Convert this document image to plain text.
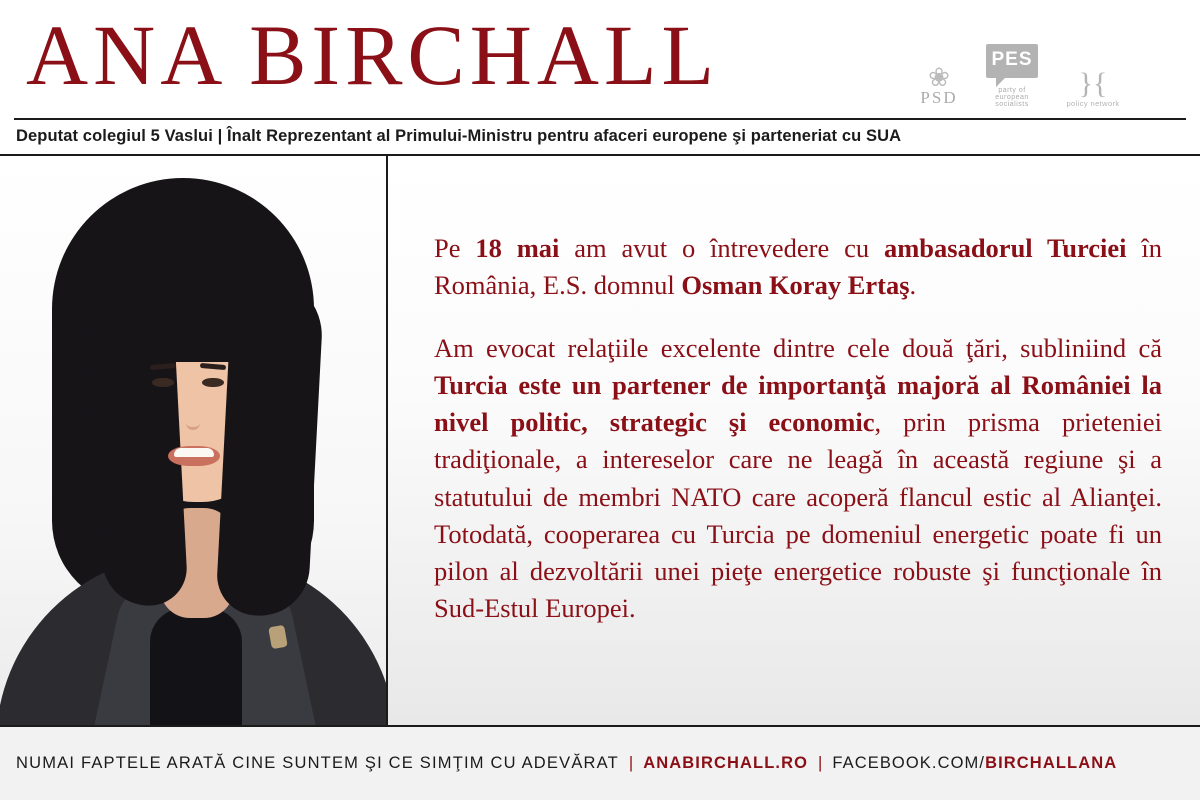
ANA BIRCHALL	❀
PSD
PES
party of european socialists
}{
policy network
Deputat colegiul 5 Vaslui | Înalt Reprezentant al Primului-Ministru pentru afaceri europene şi parteneriat cu SUA

Pe 18 mai am avut o întrevedere cu ambasadorul Turciei în România, E.S. domnul Osman Koray Ertaş.

Am evocat relaţiile excelente dintre cele două ţări, subliniind că Turcia este un partener de importanţă majoră al României la nivel politic, strategic şi economic, prin prisma prieteniei tradiţionale, a intereselor care ne leagă în această regiune şi a statutului de membri NATO care acoperă flancul estic al Alianţei. Totodată, cooperarea cu Turcia pe domeniul energetic poate fi un pilon al dezvoltării unei pieţe energetice robuste şi funcţionale în Sud-Estul Europei.

NUMAI FAPTELE ARATĂ CINE SUNTEM ŞI CE SIMŢIM CU ADEVĂRAT | ANABIRCHALL.RO | FACEBOOK.COM/BIRCHALLANA
